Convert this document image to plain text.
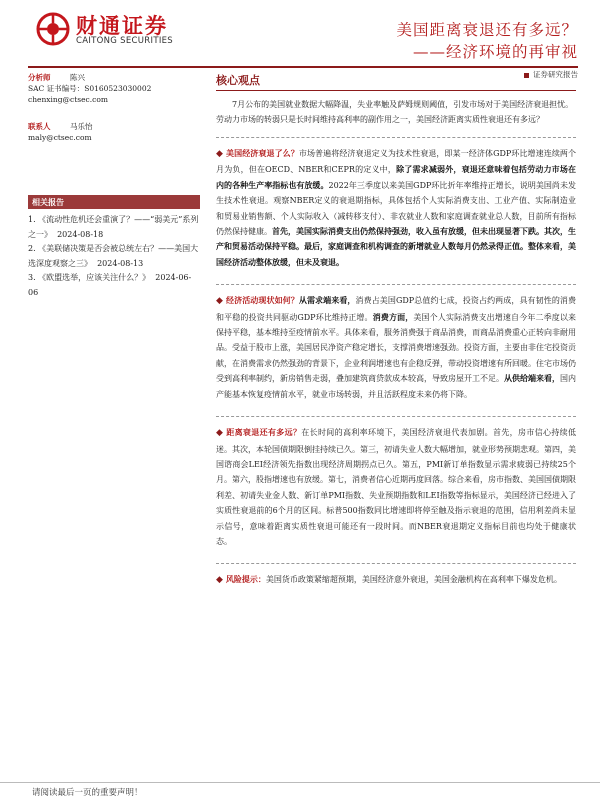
财通证券
CAITONG SECURITIES
美国距离衰退还有多远？
——经济环境的再审视
证券研究报告
分析师	陈兴
SAC 证书编号：S0160523030002
chenxing@ctsec.com
联系人	马乐怡
maly@ctsec.com
相关报告
1. 《流动性危机还会重演了？——“弱美元”系列之一》 2024-08-18
2. 《美联储决策是否会被总统左右？——美国大选深度观察之三》 2024-08-13
3. 《欧盟选举，应该关注什么？》 2024-06-06
核心观点

7月公布的美国就业数据大幅降温，失业率触及萨姆规则阈值，引发市场对于美国经济衰退担忧。劳动力市场的转弱只是长时间维持高利率的副作用之一，美国经济距离实质性衰退还有多远？

◆ 美国经济衰退了么？市场普遍将经济衰退定义为技术性衰退，即某一经济体GDP环比增速连续两个月为负，但在OECD、NBER和CEPR的定义中，除了需求减弱外，衰退还意味着包括劳动力市场在内的各种生产率指标也有放缓。2022年三季度以来美国GDP环比折年率维持正增长，说明美国尚未发生技术性衰退。观察NBER定义的衰退期指标，具体包括个人实际消费支出、工业产值、实际制造业和贸易业销售额、个人实际收入（减转移支付）、非农就业人数和家庭调查就业总人数，目前所有指标仍然保持健康。首先，美国实际消费支出仍然保持强劲，收入虽有放缓，但未出现显著下跌。其次，生产和贸易活动保持平稳。最后，家庭调查和机构调查的新增就业人数每月仍然录得正值。整体来看，美国经济活动整体放缓，但未及衰退。

◆ 经济活动现状如何？从需求端来看，消费占美国GDP总值约七成，投资占约两成，具有韧性的消费和平稳的投资共同驱动GDP环比维持正增。消费方面，美国个人实际消费支出增速自今年二季度以来保持平稳，基本维持至疫情前水平。具体来看，服务消费强于商品消费，而商品消费重心正转向非耐用品。受益于股市上涨，美国居民净资产稳定增长，支撑消费增速强劲。投资方面，主要由非住宅投资贡献，在消费需求仍然强劲的背景下，企业利润增速也有企稳反弹，带动投资增速有所回暖。住宅市场仍受到高利率制约，新房销售走弱，叠加建筑商贷款成本较高，导致房屋开工不足。从供给端来看，国内产能基本恢复疫情前水平，就业市场转弱，并且活跃程度未来仍将下降。

◆ 距离衰退还有多远？在长时间的高利率环境下，美国经济衰退代表加剧。首先，房市信心持续低迷。其次，本轮国债期限倒挂持续已久。第三，初请失业人数大幅增加，就业形势预期悲观。第四，美国谘商会LEI经济领先指数出现经济周期拐点已久。第五，PMI新订单指数显示需求疲弱已持续25个月。第六，股指增速也有放缓。第七，消费者信心近期再度回落。综合来看，房市指数、美国国债期限利差、初请失业金人数、新订单PMI指数、失业预期指数和LEI指数等指标显示，美国经济已经进入了实质性衰退前的6个月的区间。标普500指数同比增速即将停至触及指示衰退的范围，信用利差尚未显示信号，意味着距离实质性衰退可能还有一段时间。而NBER衰退期定义指标目前也均处于健康状态。

◆ 风险提示：美国货币政策紧缩超预期，美国经济意外衰退，美国金融机构在高利率下爆发危机。

请阅读最后一页的重要声明！
